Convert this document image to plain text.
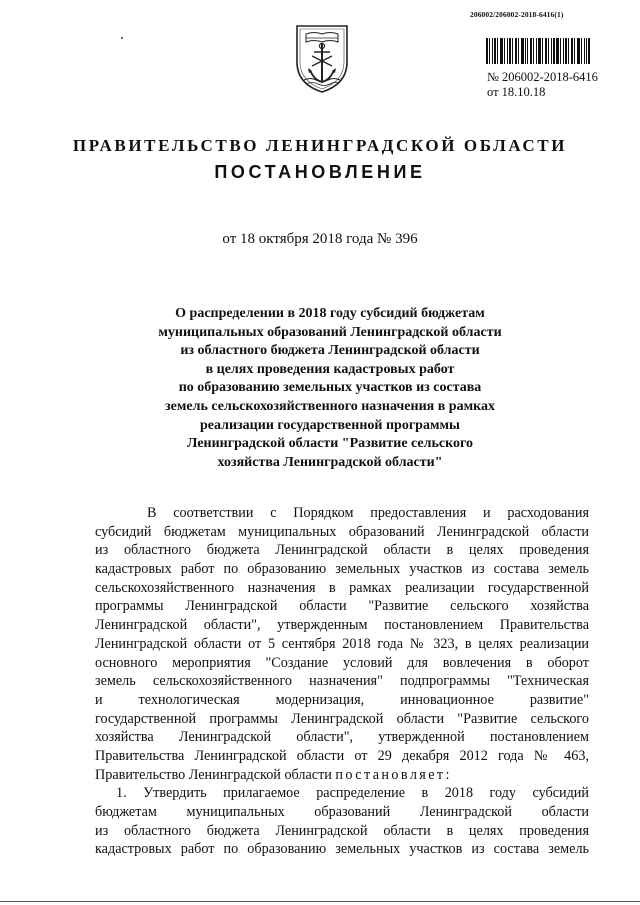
206002/206002-2018-6416(1)
№ 206002-2018-6416
от 18.10.18
ПРАВИТЕЛЬСТВО ЛЕНИНГРАДСКОЙ ОБЛАСТИ
ПОСТАНОВЛЕНИЕ
от 18 октября 2018 года № 396
О распределении в 2018 году субсидий бюджетам
муниципальных образований Ленинградской области
из областного бюджета Ленинградской области
в целях проведения кадастровых работ
по образованию земельных участков из состава
земель сельскохозяйственного назначения в рамках
реализации государственной программы
Ленинградской области "Развитие сельского
хозяйства Ленинградской области"
В соответствии с Порядком предоставления и расходования
субсидий бюджетам муниципальных образований Ленинградской области
из областного бюджета Ленинградской области в целях проведения
кадастровых работ по образованию земельных участков из состава земель
сельскохозяйственного назначения в рамках реализации государственной
программы Ленинградской области "Развитие сельского хозяйства
Ленинградской области", утвержденным постановлением Правительства
Ленинградской области от 5 сентября 2018 года № 323, в целях реализации
основного мероприятия "Создание условий для вовлечения в оборот
земель сельскохозяйственного назначения" подпрограммы "Техническая
и технологическая модернизация, инновационное развитие"
государственной программы Ленинградской области "Развитие сельского
хозяйства Ленинградской области", утвержденной постановлением
Правительства Ленинградской области от 29 декабря 2012 года № 463,
Правительство Ленинградской области постановляет:
1. Утвердить прилагаемое распределение в 2018 году субсидий
бюджетам муниципальных образований Ленинградской области
из областного бюджета Ленинградской области в целях проведения
кадастровых работ по образованию земельных участков из состава земель
